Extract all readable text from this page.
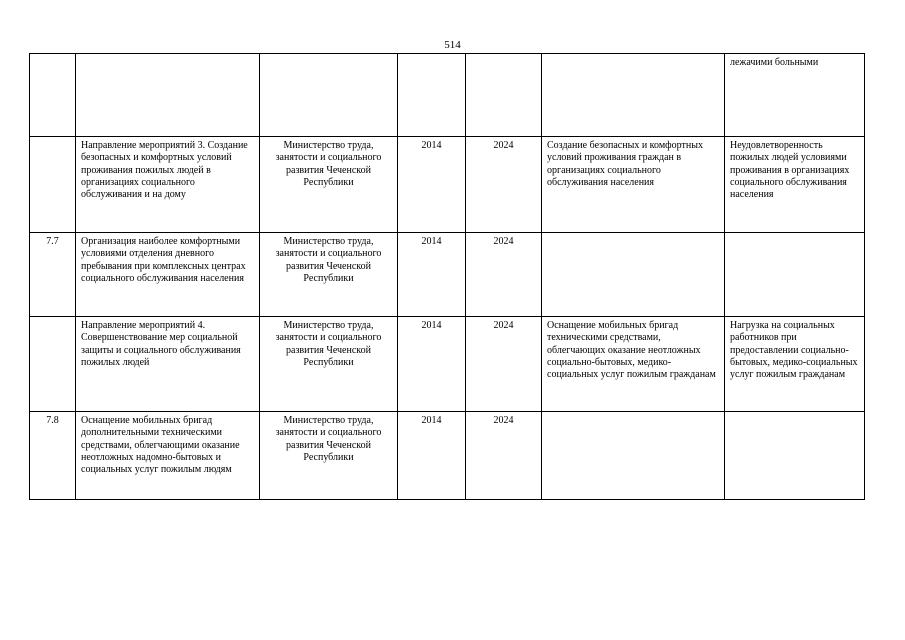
514
						лежачими больными
	Направление мероприятий 3. Создание безопасных и комфортных условий проживания пожилых людей в организациях социального обслуживания и на дому	Министерство труда, занятости и социального развития Чеченской Республики	2014	2024	Создание безопасных и комфортных условий проживания граждан в организациях социального обслуживания населения	Неудовлетворенность пожилых людей условиями проживания в организациях социального обслуживания населения
7.7	Организация наиболее комфортными условиями отделения дневного пребывания при комплексных центрах социального обслуживания населения	Министерство труда, занятости и социального развития Чеченской Республики	2014	2024		
	Направление мероприятий 4. Совершенствование мер социальной защиты и социального обслуживания пожилых людей	Министерство труда, занятости и социального развития Чеченской Республики	2014	2024	Оснащение мобильных бригад техническими средствами, облегчающих оказание неотложных социально-бытовых, медико-социальных услуг пожилым гражданам	Нагрузка на социальных работников при предоставлении социально-бытовых, медико-социальных услуг пожилым гражданам
7.8	Оснащение мобильных бригад дополнительными техническими средствами, облегчающими оказание неотложных надомно-бытовых и социальных услуг пожилым людям	Министерство труда, занятости и социального развития Чеченской Республики	2014	2024		
